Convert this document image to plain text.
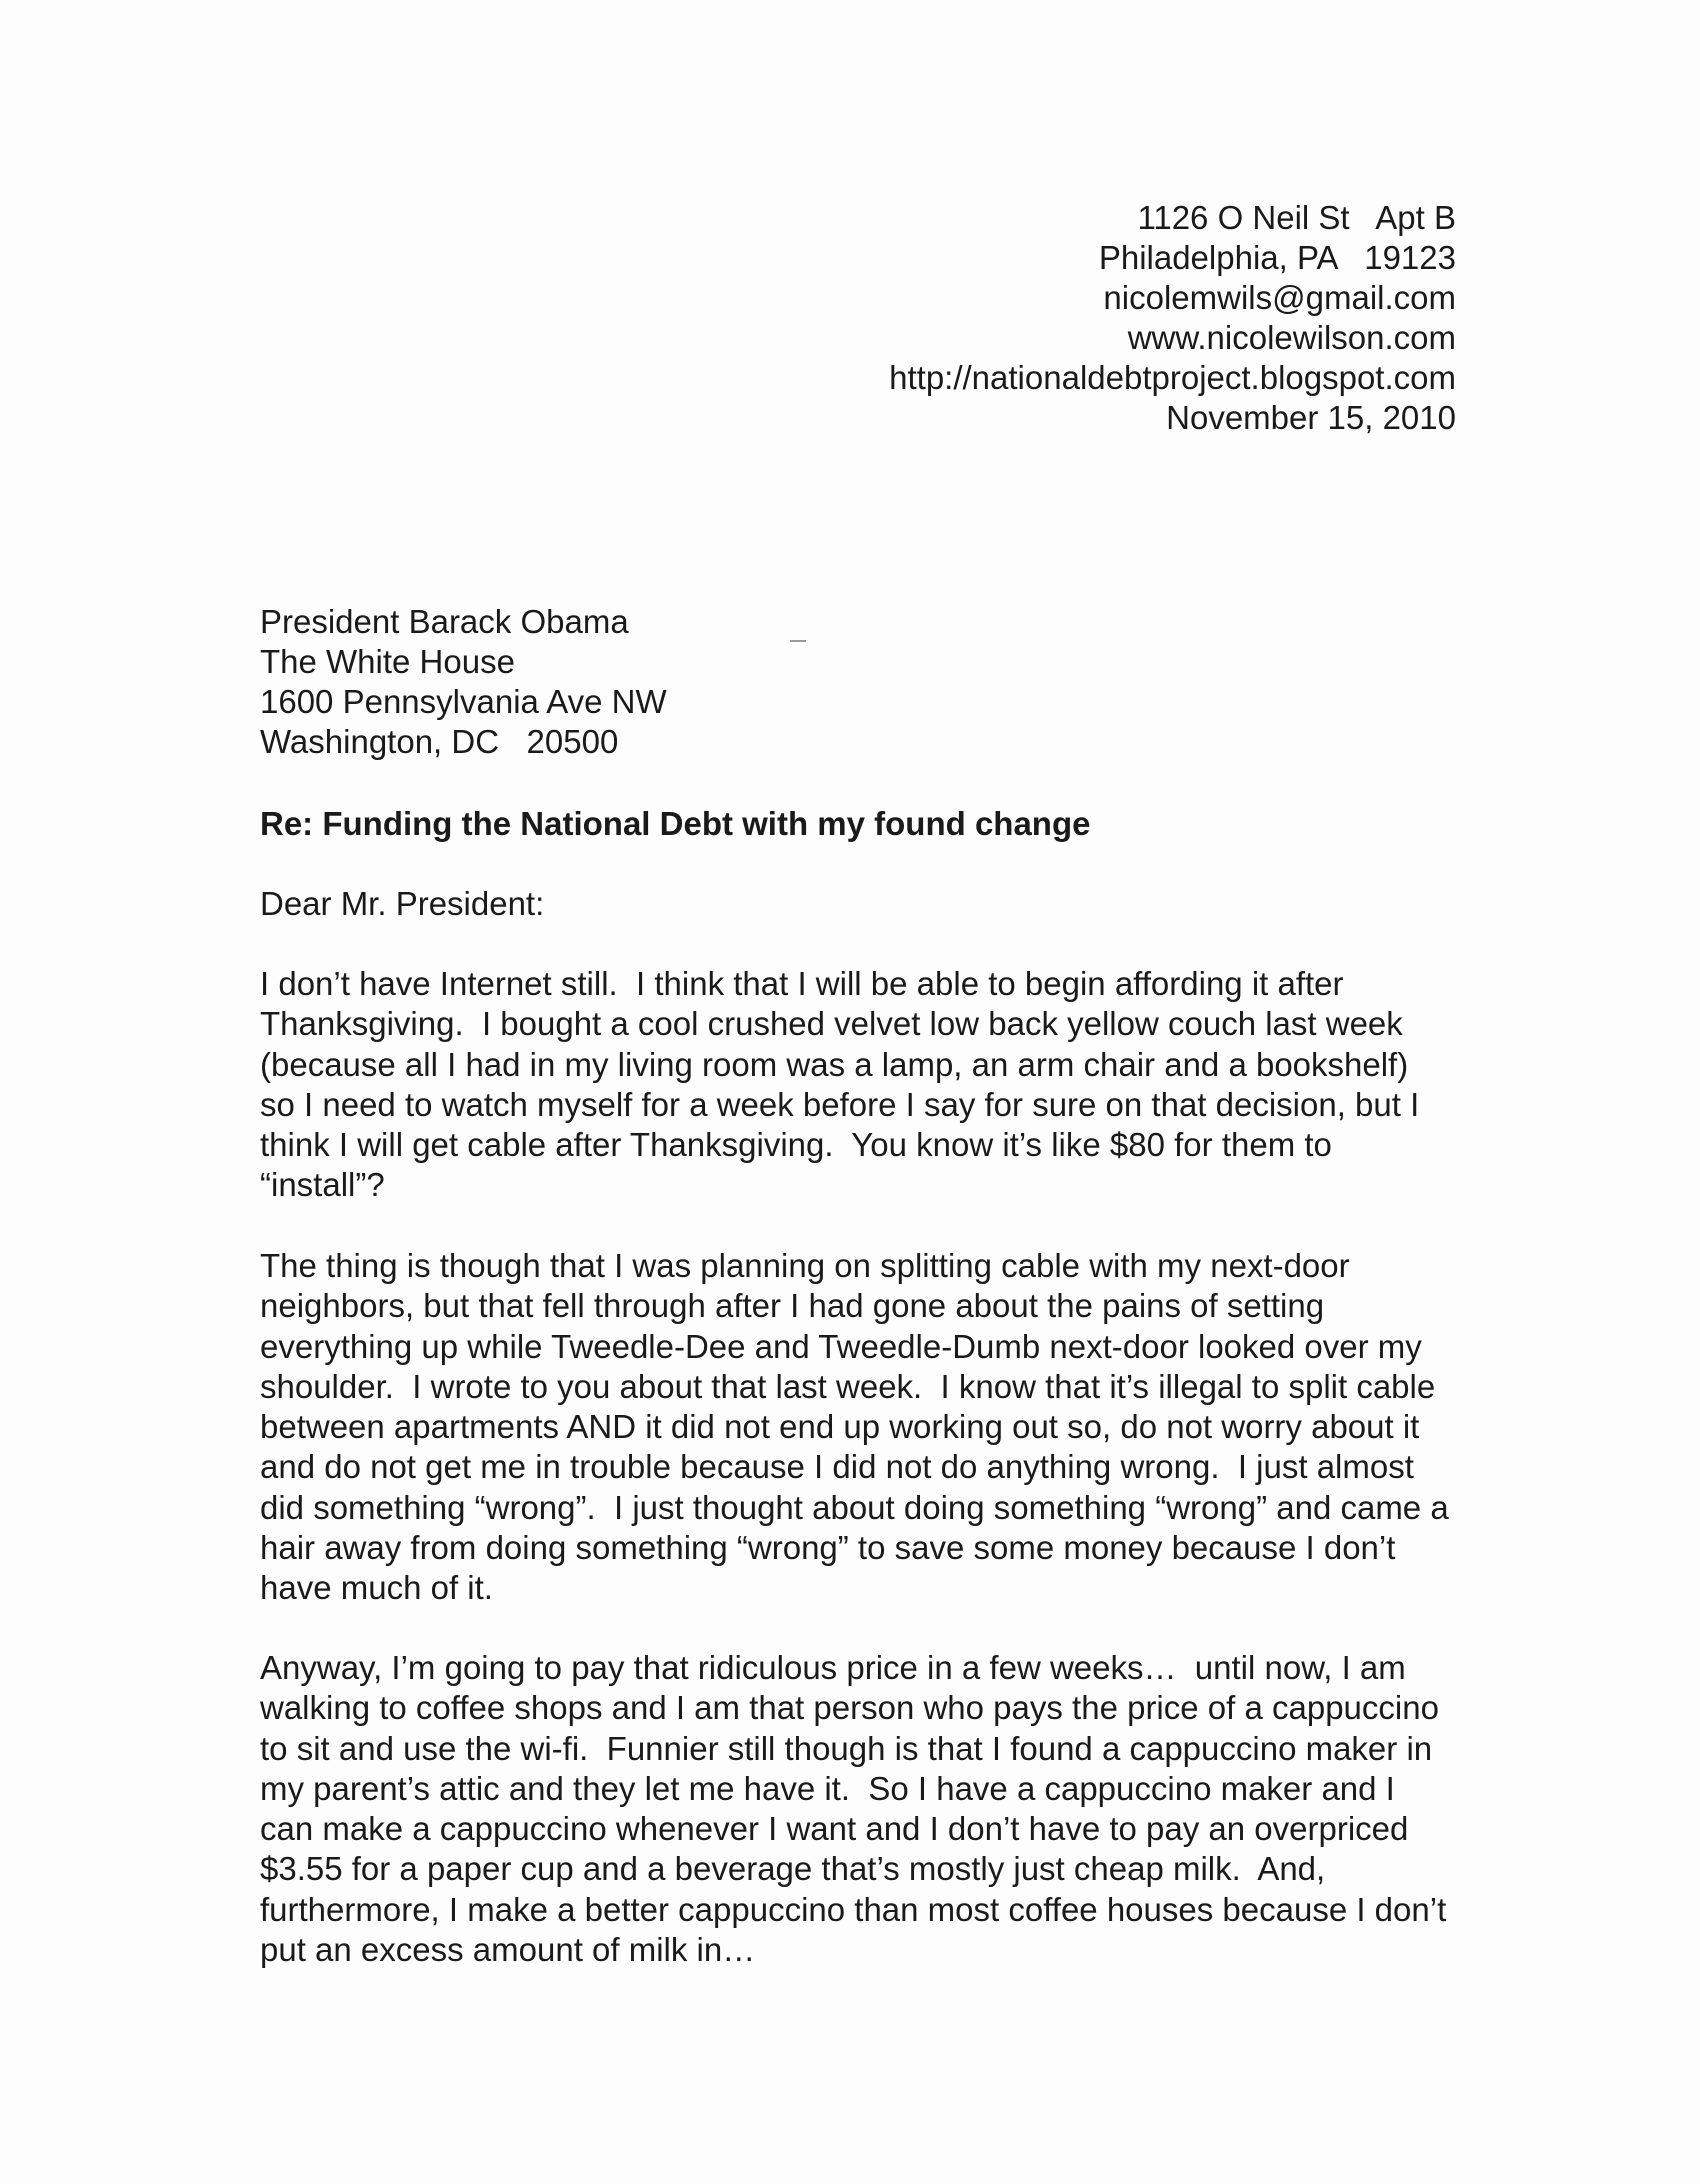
1126 O Neil St   Apt B
Philadelphia, PA   19123
nicolemwils@gmail.com
www.nicolewilson.com
http://nationaldebtproject.blogspot.com
November 15, 2010
President Barack Obama
The White House
1600 Pennsylvania Ave NW
Washington, DC   20500
Re: Funding the National Debt with my found change
Dear Mr. President:
I don’t have Internet still.  I think that I will be able to begin affording it after
Thanksgiving.  I bought a cool crushed velvet low back yellow couch last week
(because all I had in my living room was a lamp, an arm chair and a bookshelf)
so I need to watch myself for a week before I say for sure on that decision, but I
think I will get cable after Thanksgiving.  You know it’s like $80 for them to
“install”?
The thing is though that I was planning on splitting cable with my next-door
neighbors, but that fell through after I had gone about the pains of setting
everything up while Tweedle-Dee and Tweedle-Dumb next-door looked over my
shoulder.  I wrote to you about that last week.  I know that it’s illegal to split cable
between apartments AND it did not end up working out so, do not worry about it
and do not get me in trouble because I did not do anything wrong.  I just almost
did something “wrong”.  I just thought about doing something “wrong” and came a
hair away from doing something “wrong” to save some money because I don’t
have much of it.
Anyway, I’m going to pay that ridiculous price in a few weeks…  until now, I am
walking to coffee shops and I am that person who pays the price of a cappuccino
to sit and use the wi-fi.  Funnier still though is that I found a cappuccino maker in
my parent’s attic and they let me have it.  So I have a cappuccino maker and I
can make a cappuccino whenever I want and I don’t have to pay an overpriced
$3.55 for a paper cup and a beverage that’s mostly just cheap milk.  And,
furthermore, I make a better cappuccino than most coffee houses because I don’t
put an excess amount of milk in…
